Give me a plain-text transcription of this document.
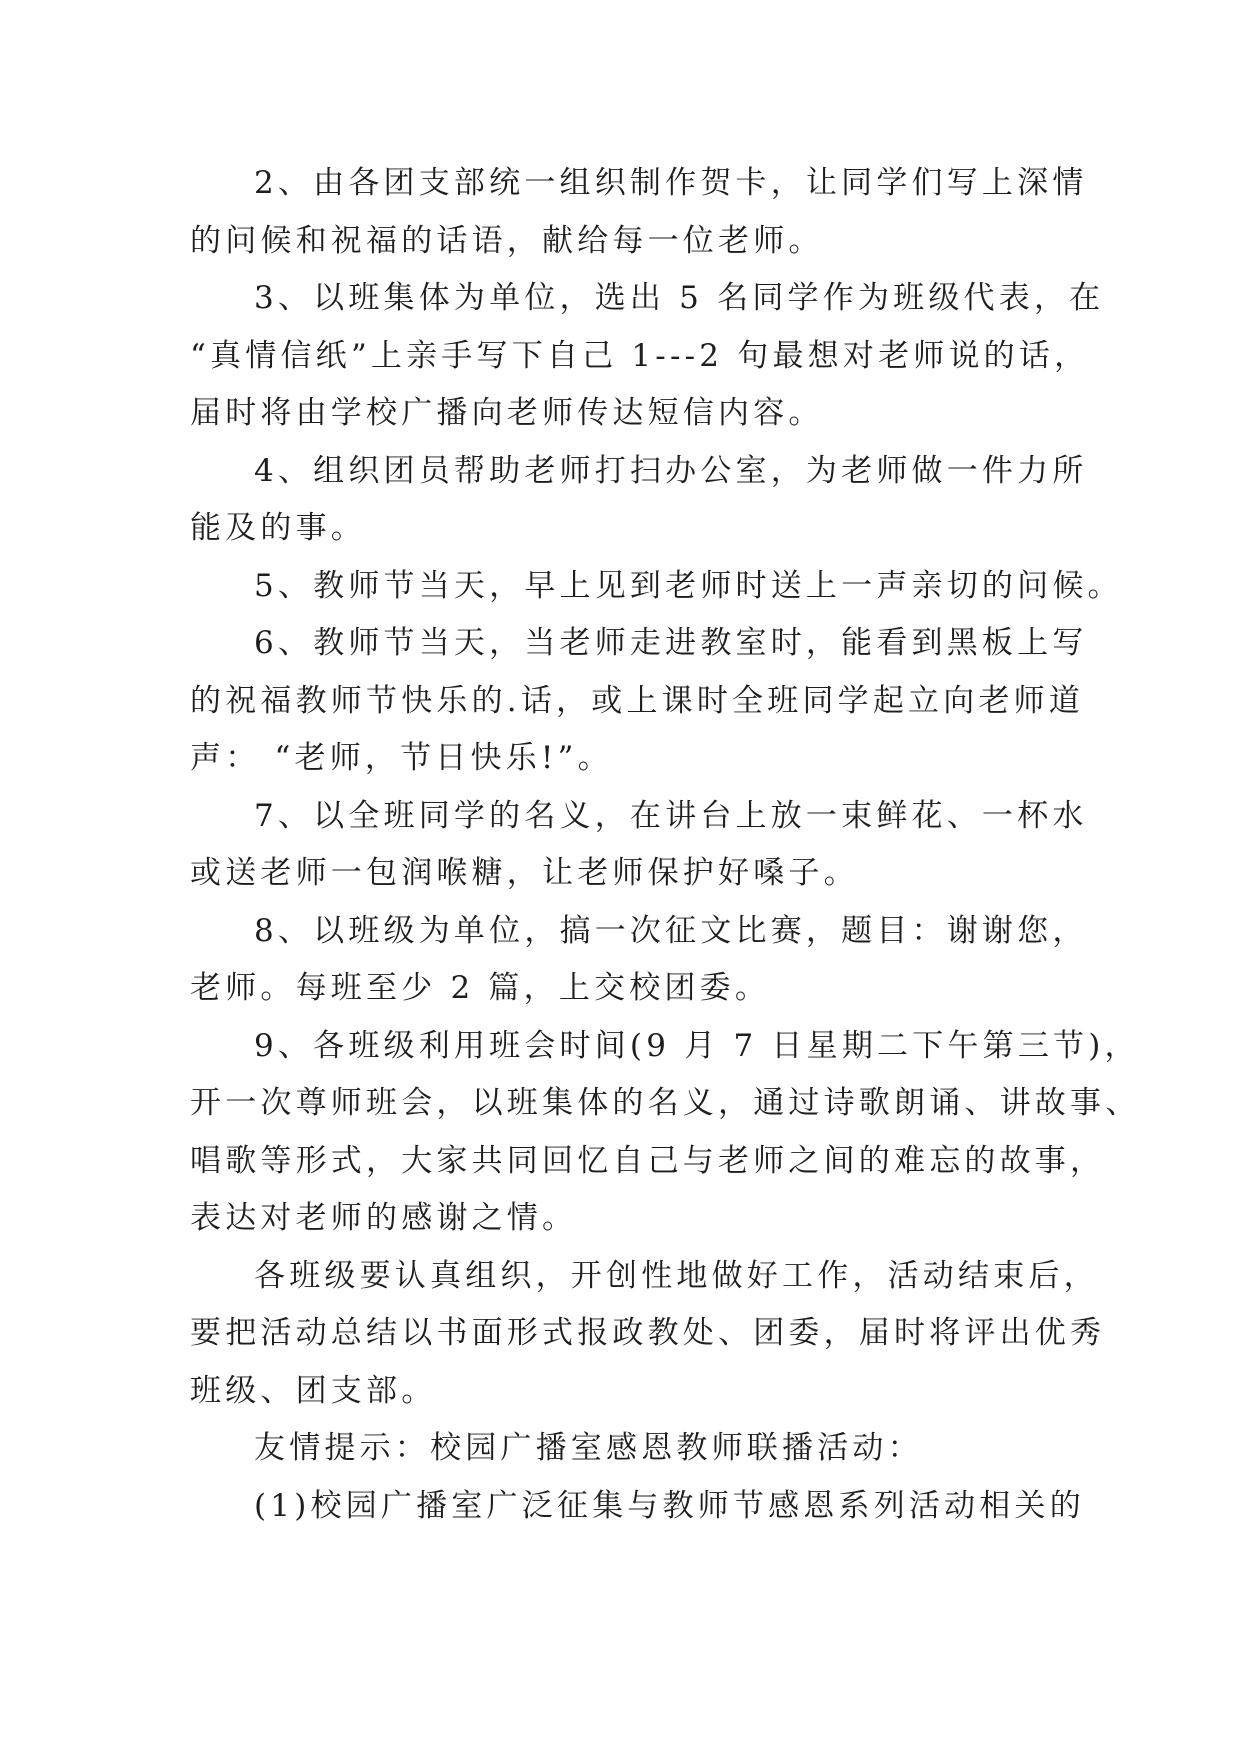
2、由各团支部统一组织制作贺卡，让同学们写上深情
的问候和祝福的话语，献给每一位老师。
3、以班集体为单位，选出 5 名同学作为班级代表，在
“真情信纸”上亲手写下自己 1---2 句最想对老师说的话，
届时将由学校广播向老师传达短信内容。
4、组织团员帮助老师打扫办公室，为老师做一件力所
能及的事。
5、教师节当天，早上见到老师时送上一声亲切的问候。
6、教师节当天，当老师走进教室时，能看到黑板上写
的祝福教师节快乐的.话，或上课时全班同学起立向老师道
声： “老师，节日快乐!”。
7、以全班同学的名义，在讲台上放一束鲜花、一杯水
或送老师一包润喉糖，让老师保护好嗓子。
8、以班级为单位，搞一次征文比赛，题目：谢谢您，
老师。每班至少 2 篇，上交校团委。
9、各班级利用班会时间(9 月 7 日星期二下午第三节)，
开一次尊师班会，以班集体的名义，通过诗歌朗诵、讲故事、
唱歌等形式，大家共同回忆自己与老师之间的难忘的故事，
表达对老师的感谢之情。
各班级要认真组织，开创性地做好工作，活动结束后，
要把活动总结以书面形式报政教处、团委，届时将评出优秀
班级、团支部。
友情提示：校园广播室感恩教师联播活动：
(1)校园广播室广泛征集与教师节感恩系列活动相关的
